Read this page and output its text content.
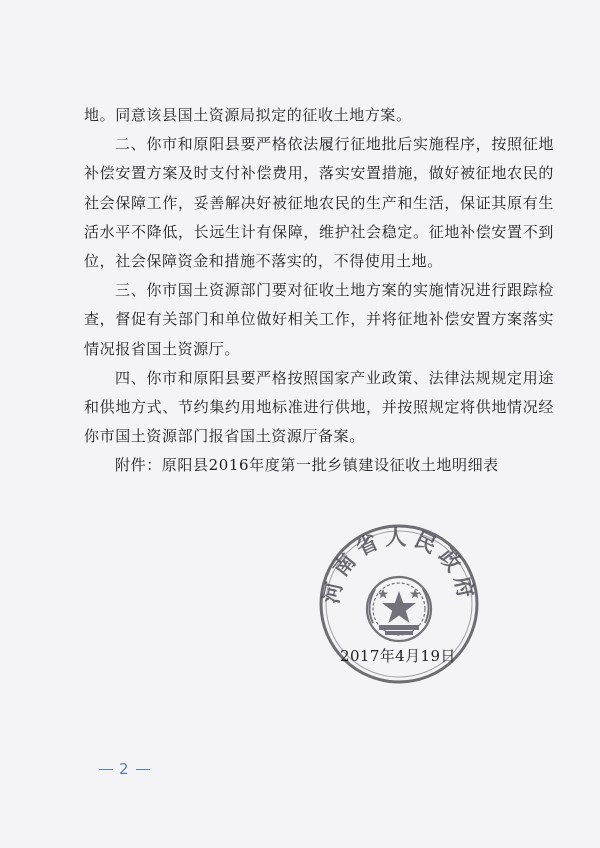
地。同意该县国土资源局拟定的征收土地方案。

二、你市和原阳县要严格依法履行征地批后实施程序，按照征地补偿安置方案及时支付补偿费用，落实安置措施，做好被征地农民的社会保障工作，妥善解决好被征地农民的生产和生活，保证其原有生活水平不降低，长远生计有保障，维护社会稳定。征地补偿安置不到位，社会保障资金和措施不落实的，不得使用土地。

三、你市国土资源部门要对征收土地方案的实施情况进行跟踪检查，督促有关部门和单位做好相关工作，并将征地补偿安置方案落实情况报省国土资源厅。

四、你市和原阳县要严格按照国家产业政策、法律法规规定用途和供地方式、节约集约用地标准进行供地，并按照规定将供地情况经你市国土资源部门报省国土资源厅备案。

附件：原阳县2016年度第一批乡镇建设征收土地明细表

河南省人民政府
2017年4月19日
2
